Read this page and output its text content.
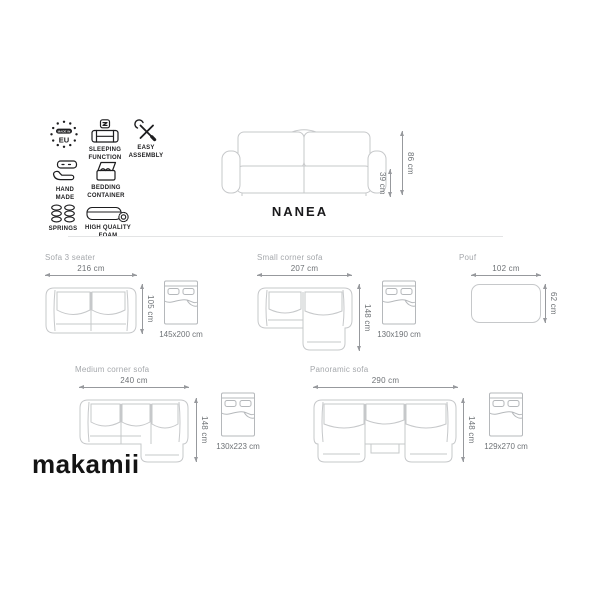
MADE IN
EU
SLEEPING
FUNCTION
EASY
ASSEMBLY
HAND
MADE
BEDDING
CONTAINER
SPRINGS HIGH QUALITY

86 cm
39 cm
NANEA
Sofa 3 seater
216 cm
105 cm
145x200 cm
Small corner sofa
207 cm
148 cm
130x190 cm
Pouf
102 cm
62 cm
Medium corner sofa
240 cm
148 cm
130x223 cm
Panoramic sofa
290 cm
148 cm
129x270 cm
makamii
